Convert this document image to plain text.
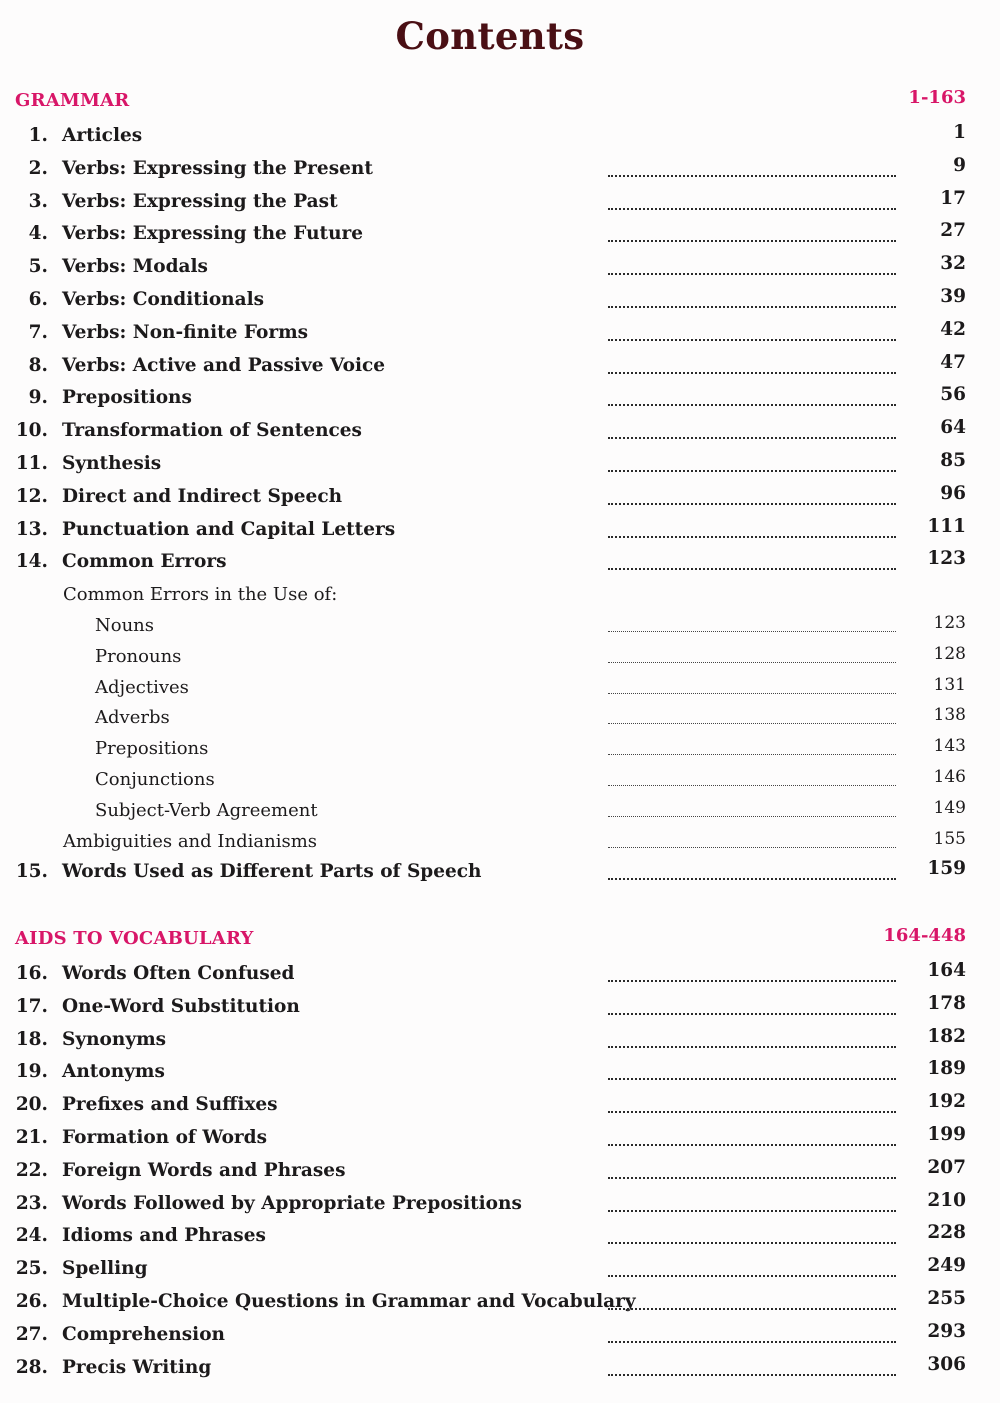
Contents
GRAMMAR	1-163
1. Articles	1
2. Verbs: Expressing the Present	9
3. Verbs: Expressing the Past	17
4. Verbs: Expressing the Future	27
5. Verbs: Modals	32
6. Verbs: Conditionals	39
7. Verbs: Non-finite Forms	42
8. Verbs: Active and Passive Voice	47
9. Prepositions	56
10. Transformation of Sentences	64
11. Synthesis	85
12. Direct and Indirect Speech	96
13. Punctuation and Capital Letters	111
14. Common Errors	123
Common Errors in the Use of:
Nouns	123
Pronouns	128
Adjectives	131
Adverbs	138
Prepositions	143
Conjunctions	146
Subject-Verb Agreement	149
Ambiguities and Indianisms	155
15. Words Used as Different Parts of Speech	159
AIDS TO VOCABULARY	164-448
16. Words Often Confused	164
17. One-Word Substitution	178
18. Synonyms	182
19. Antonyms	189
20. Prefixes and Suffixes	192
21. Formation of Words	199
22. Foreign Words and Phrases	207
23. Words Followed by Appropriate Prepositions	210
24. Idioms and Phrases	228
25. Spelling	249
26. Multiple-Choice Questions in Grammar and Vocabulary	255
27. Comprehension	293
28. Precis Writing	306
